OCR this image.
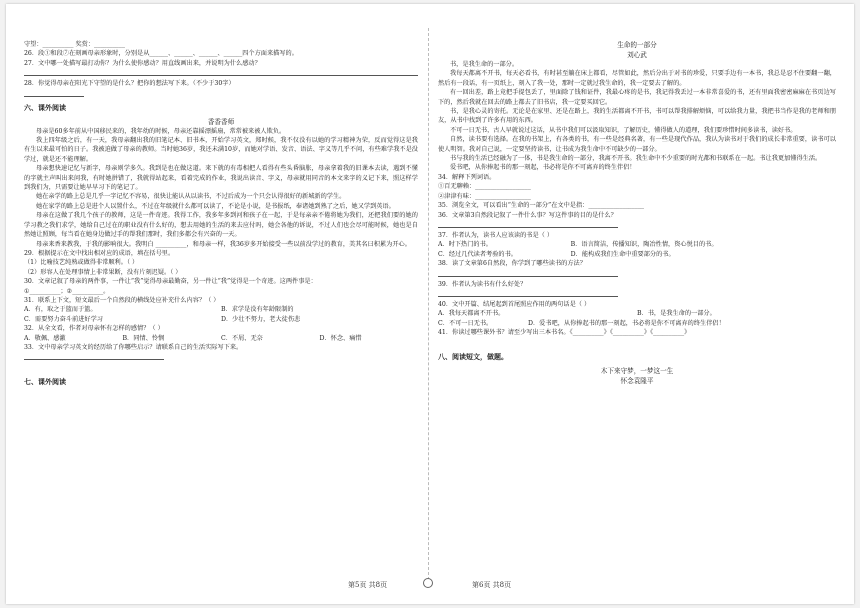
守望：__________ 奖赏：__________
26．段①和段⑦在刻画母亲形象时，分别是从______、______、______、______四个方面来描写的。
27．文中哪一处描写最打动你？为什么使你感动？用直线画出来，并说明为什么感动？
28．你觉得母亲在阳光下守望的是什么？把你的想法写下来。（不少于30字）
六、课外阅读
香香香师
母亲是60多年前从中国移民来的，我年幼的时候，母亲还靠摇漂摇扇，常常被来被人欺负。
我上四年级之后，有一天，我母亲翻出我的旧笔记本、旧书本，开始学习英文，郑时候，我不仅没有以她的学习精神为荣，反而觉得这是我有生以来最可怕的日子。我被迫做了母亲的教师。当时她36岁，我还未满10岁，而她对学语、发音、语法、字义等几乎不问，有些难学我不是没学过，就是还不能理解。
母亲想快速记忆与新字，母亲则学多久。我到是也在做这道。来下就的有毒相把人看得有些头昏脑胀，母亲拿着我的旧课本去读，遇到不懂的字就主声叫出来问我，有时她拼错了，我就得站起来，看着完成的作业，我说出读音、字义，母亲就用同音的本文来字的义记下来，照这样学到我们为，只需要让她早早习下的笔记了。
她在亲学的路上总是几乎一字记忆不容易，很快让能认从以读书，不过后成为一个只会认得很好的新城新的学生。
她在家学的路上总是进个人以置什么，不过在年级就什么都可以读了，不论是小说，是书报纸，奉诸她到熟了之后，她又学到英语。
母亲在这做了我几个孩子的教师，这是一件奇迹。我得工作，我多年多到河和孩子在一起，于是每亲亲不倦将她为我们，还把我们要的她的学习教之我们求学，她给自己过在的职业没有什么好的，想去用她的生活的来去应付吗，她会各他的诉说，不过人们也会尽可能时候，她也是自然她让照顾，每当看在她身边做过手的帮我们那时，我们多都会有兴奋的一天。
母亲来香来教我，于我的影响很大。我明白 __________，和母亲一样，我36岁多开始接受一些以前没学过的教育，美其名曰积累为开心。
29．根据提示在文中找出相对应的成语，填在括号里。
（1）比喻技艺纯熟或做得非常顺利。（ ）
（2）形容人在处理事情上非常果断，没有片刻迟疑。（ ）
30．文章记叙了母亲的两件事，一件让“我”觉得母亲最勤奋，另一件让“我”觉得是一个奇迹。这两件事是：
①__________；②__________。
31．联系上下文，短文最后一个自然段的横线处应补充什么内容？（ ）
A．有，取之于篮而于篮。	B．求学是没有年龄限制的
C．需要努力奋斗前进好学习	D．少壮不努力，老大徒伤悲
32．从全文看，作者对母亲怀有怎样的感情？（ ）
A．敬佩、感激	B．同情、怜悯	C．不屑、无奈	D．怀念、痛惜
33．文中母亲学习英文的经历给了你哪些启示？请联系自己的生活实际写下来。
七、课外阅读
生命的一部分
刘心武
书，是我生命的一部分。
我每天都离不开书，每天必看书，有时甚至躺在床上都看，尽管如此，然后分出于对书的珍爱，只要手边有一本书，我总是忍不住要翻一翻，然后有一段话，有一页纸上，刻入了我一处，那时一定就过我生命的，我一定要去了解的。
有一回出差，路上竟把手提包丢了，里面除了钱和证件，我最心疼的是书，我记得我丢过一本非常喜爱的书，还有里面我密密麻麻在书页边写下的，然后我就在回去的路上都去了旧书店，我一定要买回它。
书，是我心灵的寄托。无论是在家里、还是在路上，我的生活都离不开书，书可以帮我排解烦恼，可以给我力量，我把书当作是我的老师和朋友，从书中找到了许多有用的东西。
不可一日无书，古人早就说过这话，从书中我们可以汲取知识，了解历史，懂得做人的道理，我们要珍惜时间多读书，读好书。
自然，读书要有选择。在我的书架上，有各类的书，有一些是经典名著，有一些是现代作品，我认为读书对于我们的成长非常重要，读书可以使人明智。我对自己说，一定要坚持读书，让书成为我生命中不可缺少的一部分。
书与我的生活已经融为了一体，书是我生命的一部分，我离不开书。我生命中不少重要的时光都和书联系在一起。书让我更加懂得生活。
爱书吧，从你捧起书的那一刻起，书必将是你不可离弃的终生伴侣！
34．解释下列词语。
①百无聊赖：__________________
②津津有味：__________________
35．浏览全文，可以看出“生命的一部分”在文中是指：__________________
36．文章第3自然段记叙了一件什么事？写这件事的目的是什么？
37．作者认为，读书人应该读的书是（ ）
A．时下热门的书。	B．语言简洁，传播知识，陶冶性情，资心悦目的书。
C．经过几代读者考验的书。	D．能构成我们生命中重要部分的书。
38．读了文章第6自然段，你学到了哪些读书的方法？
39．作者认为读书有什么好处？
40．文中开篇、结尾起到首尾照应作用的两句话是（ ）
A．我每天都离不开书。	B．书，是我生命的一部分。
C．不可一日无书。	D．爱书吧，从你捧起书的那一刻起，书必将是你不可离弃的终生伴侣！
41．你读过哪些课外书？请至少写出三本书名。《__________》《__________》《__________》
八、阅读短文，做题。
木下来守梦，一梦这一生
怀念袁隆平
第5页 共8页	第6页 共8页
